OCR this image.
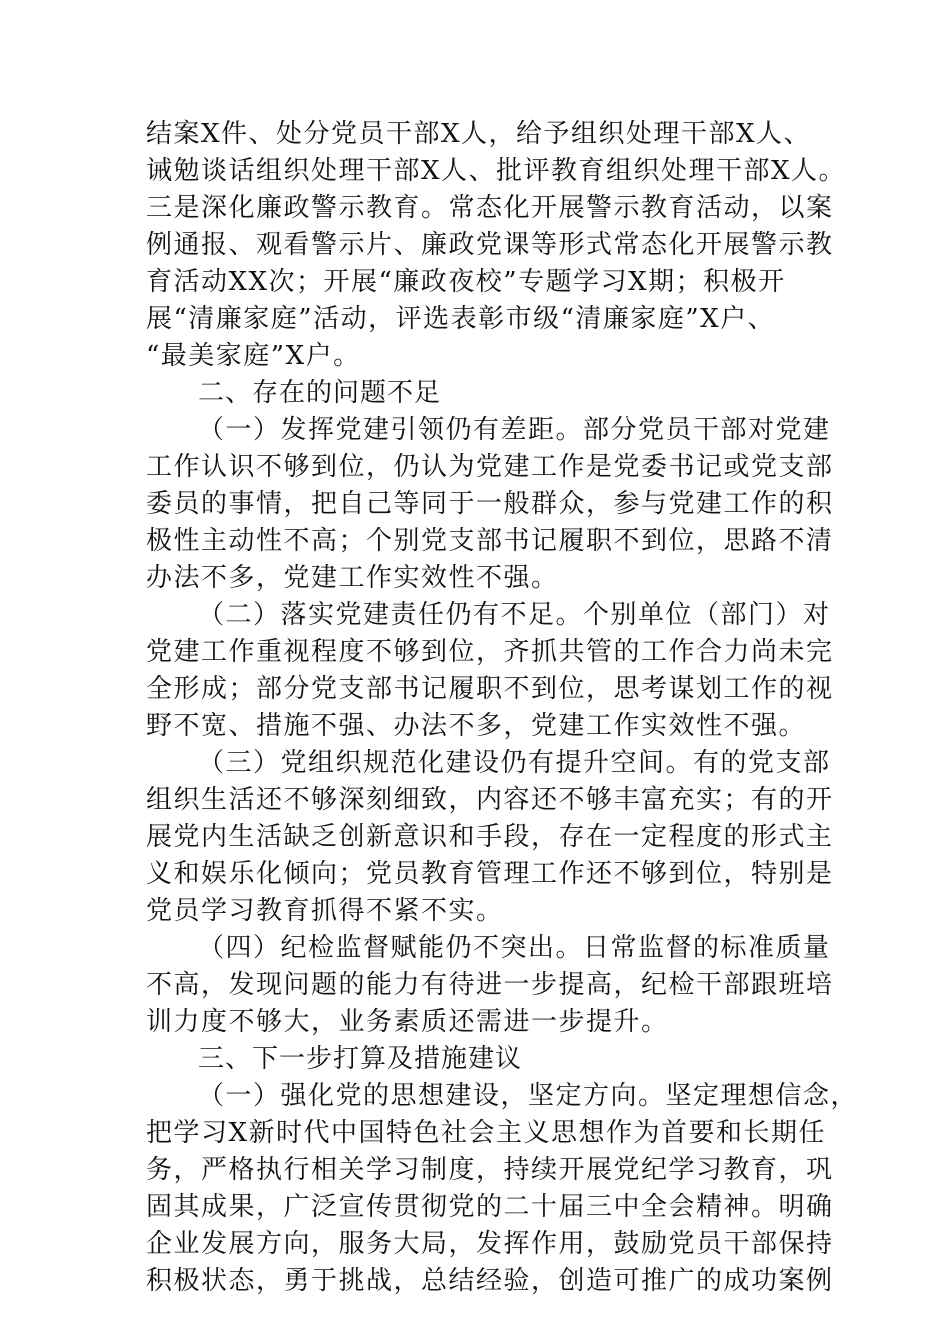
结案X件、处分党员干部X人，给予组织处理干部X人、
诫勉谈话组织处理干部X人、批评教育组织处理干部X人。
三是深化廉政警示教育。常态化开展警示教育活动，以案
例通报、观看警示片、廉政党课等形式常态化开展警示教
育活动XX次；开展“廉政夜校”专题学习X期；积极开
展“清廉家庭”活动，评选表彰市级“清廉家庭”X户、
“最美家庭”X户。
二、存在的问题不足
（一）发挥党建引领仍有差距。部分党员干部对党建
工作认识不够到位，仍认为党建工作是党委书记或党支部
委员的事情，把自己等同于一般群众，参与党建工作的积
极性主动性不高；个别党支部书记履职不到位，思路不清
办法不多，党建工作实效性不强。
（二）落实党建责任仍有不足。个别单位（部门）对
党建工作重视程度不够到位，齐抓共管的工作合力尚未完
全形成；部分党支部书记履职不到位，思考谋划工作的视
野不宽、措施不强、办法不多，党建工作实效性不强。
（三）党组织规范化建设仍有提升空间。有的党支部
组织生活还不够深刻细致，内容还不够丰富充实；有的开
展党内生活缺乏创新意识和手段，存在一定程度的形式主
义和娱乐化倾向；党员教育管理工作还不够到位，特别是
党员学习教育抓得不紧不实。
（四）纪检监督赋能仍不突出。日常监督的标准质量
不高，发现问题的能力有待进一步提高，纪检干部跟班培
训力度不够大，业务素质还需进一步提升。
三、下一步打算及措施建议
（一）强化党的思想建设，坚定方向。坚定理想信念，
把学习X新时代中国特色社会主义思想作为首要和长期任
务，严格执行相关学习制度，持续开展党纪学习教育，巩
固其成果，广泛宣传贯彻党的二十届三中全会精神。明确
企业发展方向，服务大局，发挥作用，鼓励党员干部保持
积极状态，勇于挑战，总结经验，创造可推广的成功案例
